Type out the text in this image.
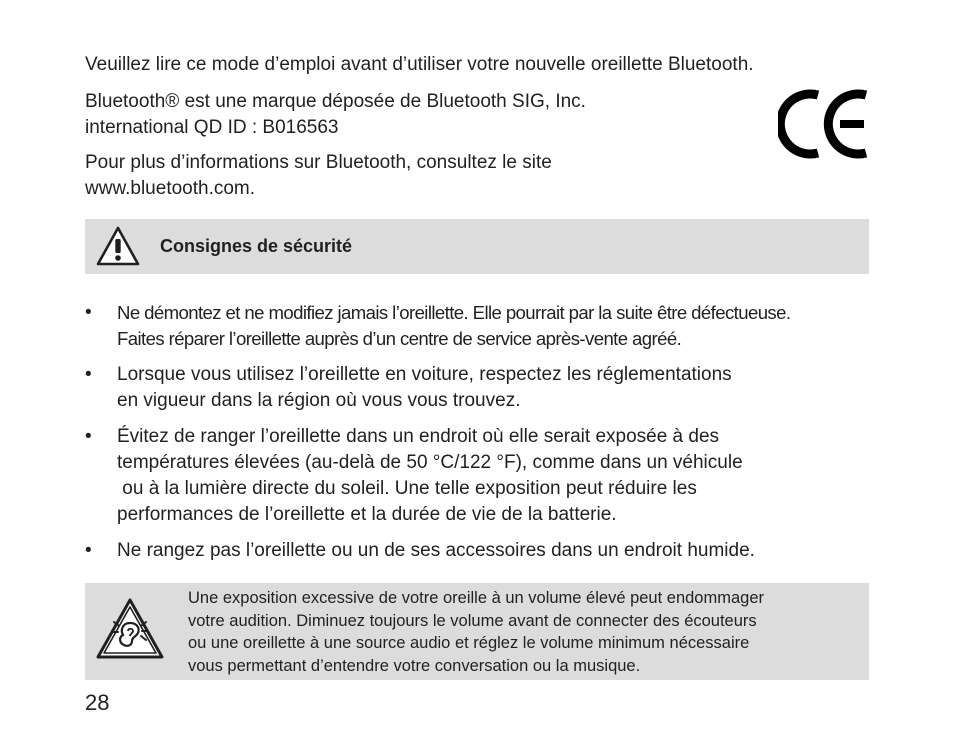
Veuillez lire ce mode d’emploi avant d’utiliser votre nouvelle oreillette Bluetooth.

Bluetooth® est une marque déposée de Bluetooth SIG, Inc.
international QD ID : B016563
Pour plus d’informations sur Bluetooth, consultez le site
www.bluetooth.com.
Consignes de sécurité
• Ne démontez et ne modifiez jamais l’oreillette. Elle pourrait par la suite être défectueuse.
Faites réparer l’oreillette auprès d’un centre de service après-vente agréé.
• Lorsque vous utilisez l’oreillette en voiture, respectez les réglementations
en vigueur dans la région où vous vous trouvez.
• Évitez de ranger l’oreillette dans un endroit où elle serait exposée à des
températures élevées (au-delà de 50 °C/122 °F), comme dans un véhicule
ou à la lumière directe du soleil. Une telle exposition peut réduire les
performances de l’oreillette et la durée de vie de la batterie.
• Ne rangez pas l’oreillette ou un de ses accessoires dans un endroit humide.
Une exposition excessive de votre oreille à un volume élevé peut endommager
votre audition. Diminuez toujours le volume avant de connecter des écouteurs
ou une oreillette à une source audio et réglez le volume minimum nécessaire
vous permettant d’entendre votre conversation ou la musique.
28
